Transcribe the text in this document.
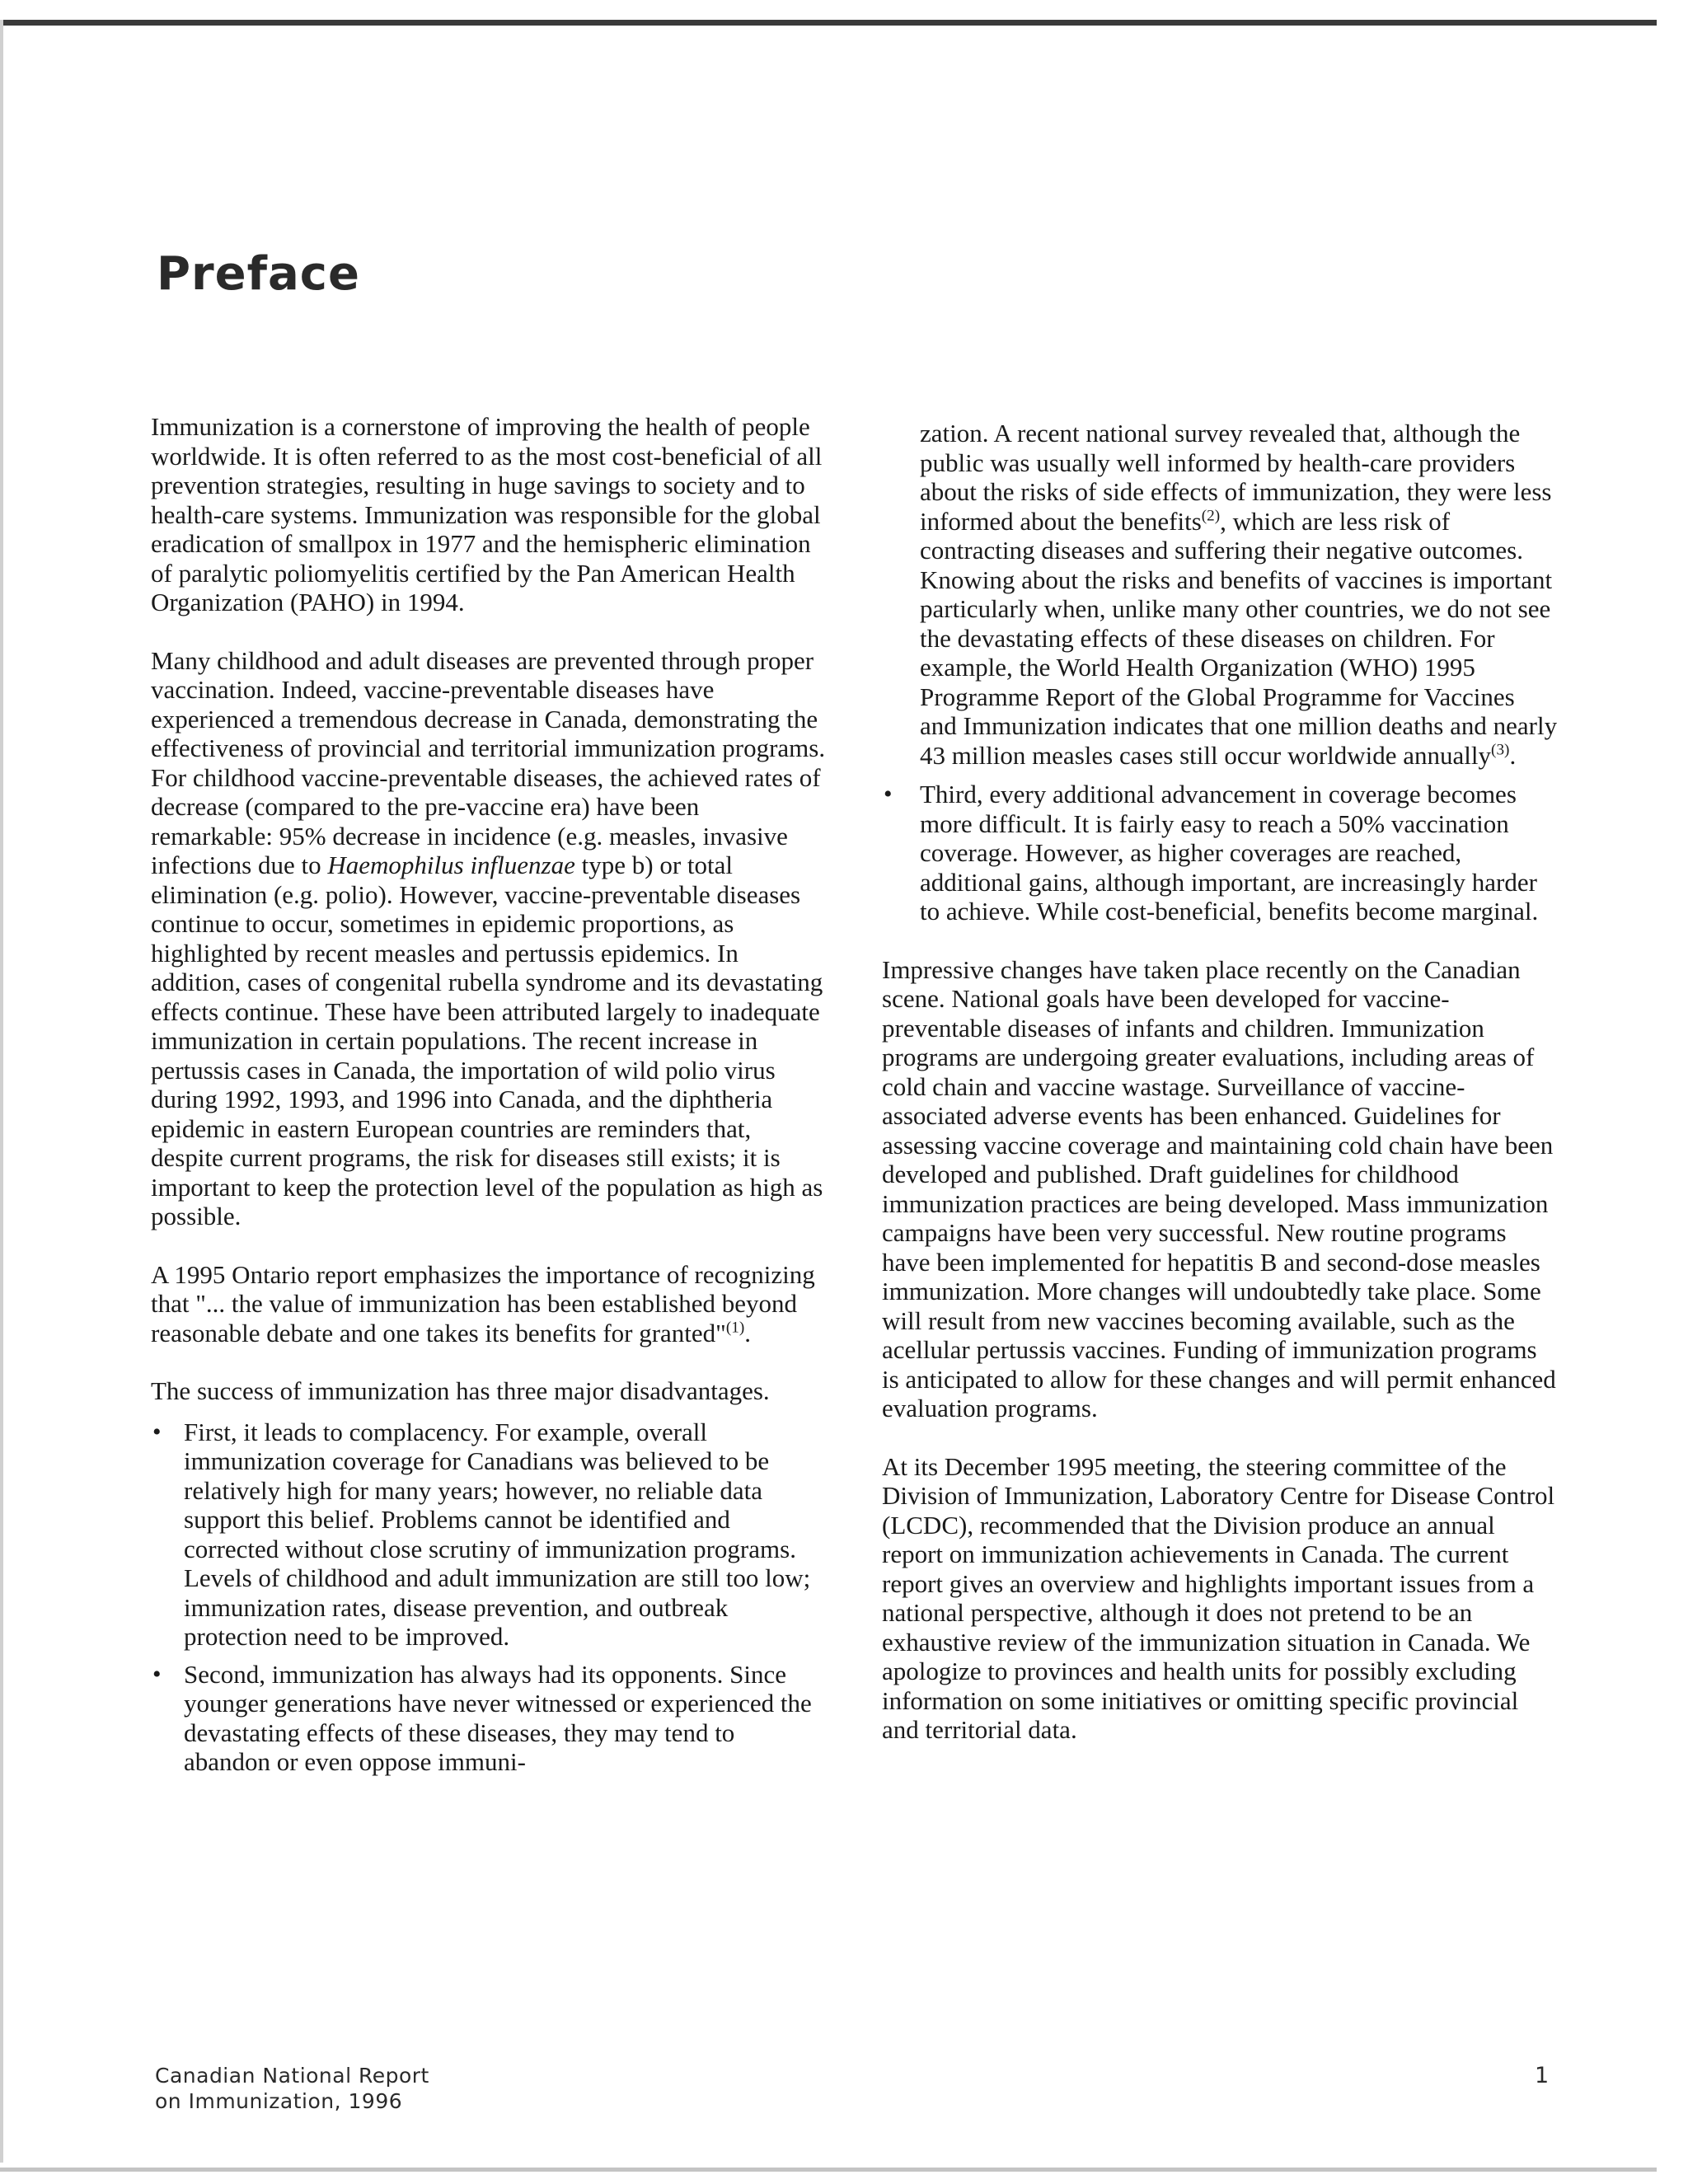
Preface

Immunization is a cornerstone of improving the health of people worldwide. It is often referred to as the most cost-beneficial of all prevention strategies, resulting in huge savings to society and to health-care systems. Immunization was responsible for the global eradication of smallpox in 1977 and the hemispheric elimination of paralytic poliomyelitis certified by the Pan American Health Organization (PAHO) in 1994.

Many childhood and adult diseases are prevented through proper vaccination. Indeed, vaccine-preventable diseases have experienced a tremendous decrease in Canada, demonstrating the effectiveness of provincial and territorial immunization programs. For childhood vaccine-preventable diseases, the achieved rates of decrease (compared to the pre-vaccine era) have been remarkable: 95% decrease in incidence (e.g. measles, invasive infections due to Haemophilus influenzae type b) or total elimination (e.g. polio). However, vaccine-preventable diseases continue to occur, sometimes in epidemic proportions, as highlighted by recent measles and pertussis epidemics. In addition, cases of congenital rubella syndrome and its devastating effects continue. These have been attributed largely to inadequate immunization in certain populations. The recent increase in pertussis cases in Canada, the importation of wild polio virus during 1992, 1993, and 1996 into Canada, and the diphtheria epidemic in eastern European countries are reminders that, despite current programs, the risk for diseases still exists; it is important to keep the protection level of the population as high as possible.

A 1995 Ontario report emphasizes the importance of recognizing that "... the value of immunization has been established beyond reasonable debate and one takes its benefits for granted"$^{(1)}$.

The success of immunization has three major disadvantages.

• First, it leads to complacency. For example, overall immunization coverage for Canadians was believed to be relatively high for many years; however, no reliable data support this belief. Problems cannot be identified and corrected without close scrutiny of immunization programs. Levels of childhood and adult immunization are still too low; immunization rates, disease prevention, and outbreak protection need to be improved.
• Second, immunization has always had its opponents. Since younger generations have never witnessed or experienced the devastating effects of these diseases, they may tend to abandon or even oppose immuni-

zation. A recent national survey revealed that, although the public was usually well informed by health-care providers about the risks of side effects of immunization, they were less informed about the benefits$^{(2)}$, which are less risk of contracting diseases and suffering their negative outcomes. Knowing about the risks and benefits of vaccines is important particularly when, unlike many other countries, we do not see the devastating effects of these diseases on children. For example, the World Health Organization (WHO) 1995 Programme Report of the Global Programme for Vaccines and Immunization indicates that one million deaths and nearly 43 million measles cases still occur worldwide annually$^{(3)}$.

• Third, every additional advancement in coverage becomes more difficult. It is fairly easy to reach a 50% vaccination coverage. However, as higher coverages are reached, additional gains, although important, are increasingly harder to achieve. While cost-beneficial, benefits become marginal.

Impressive changes have taken place recently on the Canadian scene. National goals have been developed for vaccine-preventable diseases of infants and children. Immunization programs are undergoing greater evaluations, including areas of cold chain and vaccine wastage. Surveillance of vaccine-associated adverse events has been enhanced. Guidelines for assessing vaccine coverage and maintaining cold chain have been developed and published. Draft guidelines for childhood immunization practices are being developed. Mass immunization campaigns have been very successful. New routine programs have been implemented for hepatitis B and second-dose measles immunization. More changes will undoubtedly take place. Some will result from new vaccines becoming available, such as the acellular pertussis vaccines. Funding of immunization programs is anticipated to allow for these changes and will permit enhanced evaluation programs.

At its December 1995 meeting, the steering committee of the Division of Immunization, Laboratory Centre for Disease Control (LCDC), recommended that the Division produce an annual report on immunization achievements in Canada. The current report gives an overview and highlights important issues from a national perspective, although it does not pretend to be an exhaustive review of the immunization situation in Canada. We apologize to provinces and health units for possibly excluding information on some initiatives or omitting specific provincial and territorial data.

Canadian National Report
on Immunization, 1996
1
